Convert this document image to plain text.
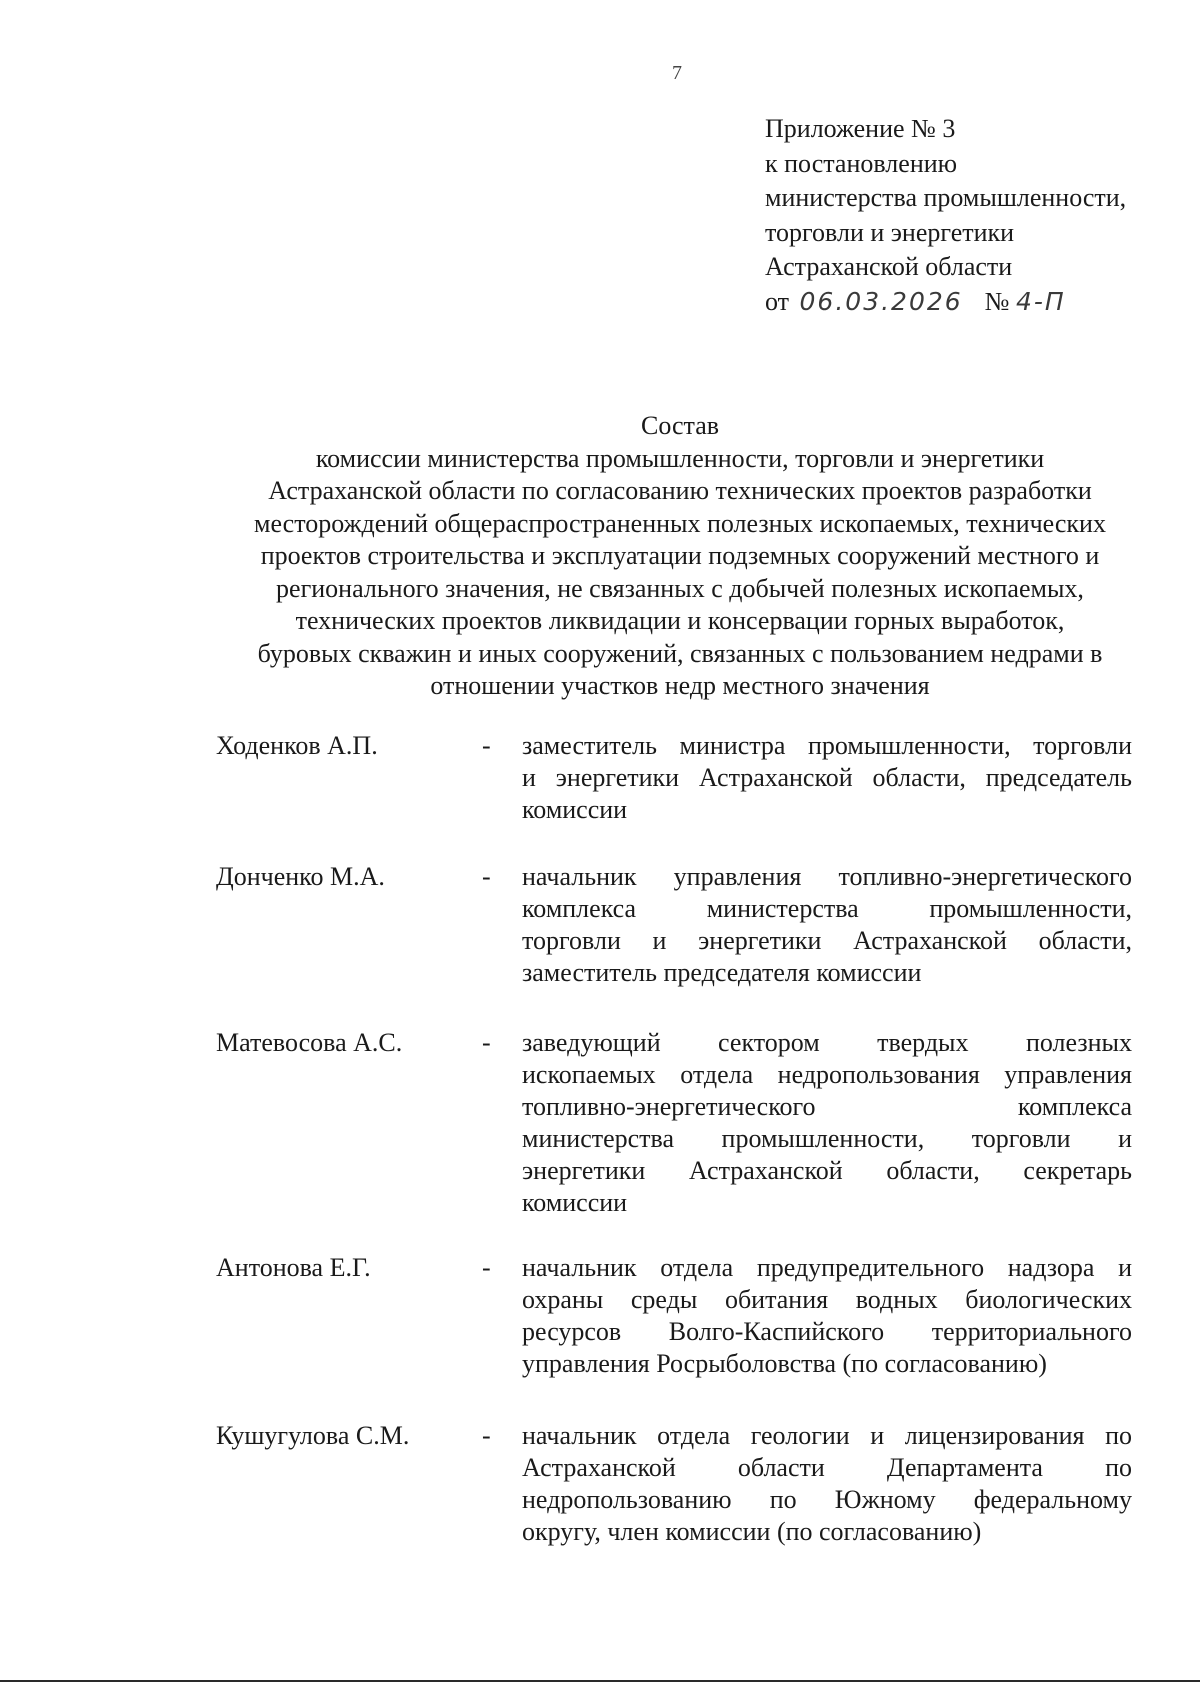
7
Приложение № 3
к постановлению
министерства промышленности,
торговли и энергетики
Астраханской области
от 06.03.2026 № 4-П
Состав
комиссии министерства промышленности, торговли и энергетики
Астраханской области по согласованию технических проектов разработки
месторождений общераспространенных полезных ископаемых, технических
проектов строительства и эксплуатации подземных сооружений местного и
регионального значения, не связанных с добычей полезных ископаемых,
технических проектов ликвидации и консервации горных выработок,
буровых скважин и иных сооружений, связанных с пользованием недрами в
отношении участков недр местного значения
Ходенков А.П.	- заместитель министра промышленности, торговли
и энергетики Астраханской области, председатель
комиссии
Донченко М.А.	- начальник управления топливно-энергетического
комплекса министерства промышленности,
торговли и энергетики Астраханской области,
заместитель председателя комиссии
Матевосова А.С.	- заведующий сектором твердых полезных
ископаемых отдела недропользования управления
топливно-энергетического комплекса
министерства промышленности, торговли и
энергетики Астраханской области, секретарь
комиссии
Антонова Е.Г.	- начальник отдела предупредительного надзора и
охраны среды обитания водных биологических
ресурсов Волго-Каспийского территориального
управления Росрыболовства (по согласованию)
Кушугулова С.М.	- начальник отдела геологии и лицензирования по
Астраханской области Департамента по
недропользованию по Южному федеральному
округу, член комиссии (по согласованию)
